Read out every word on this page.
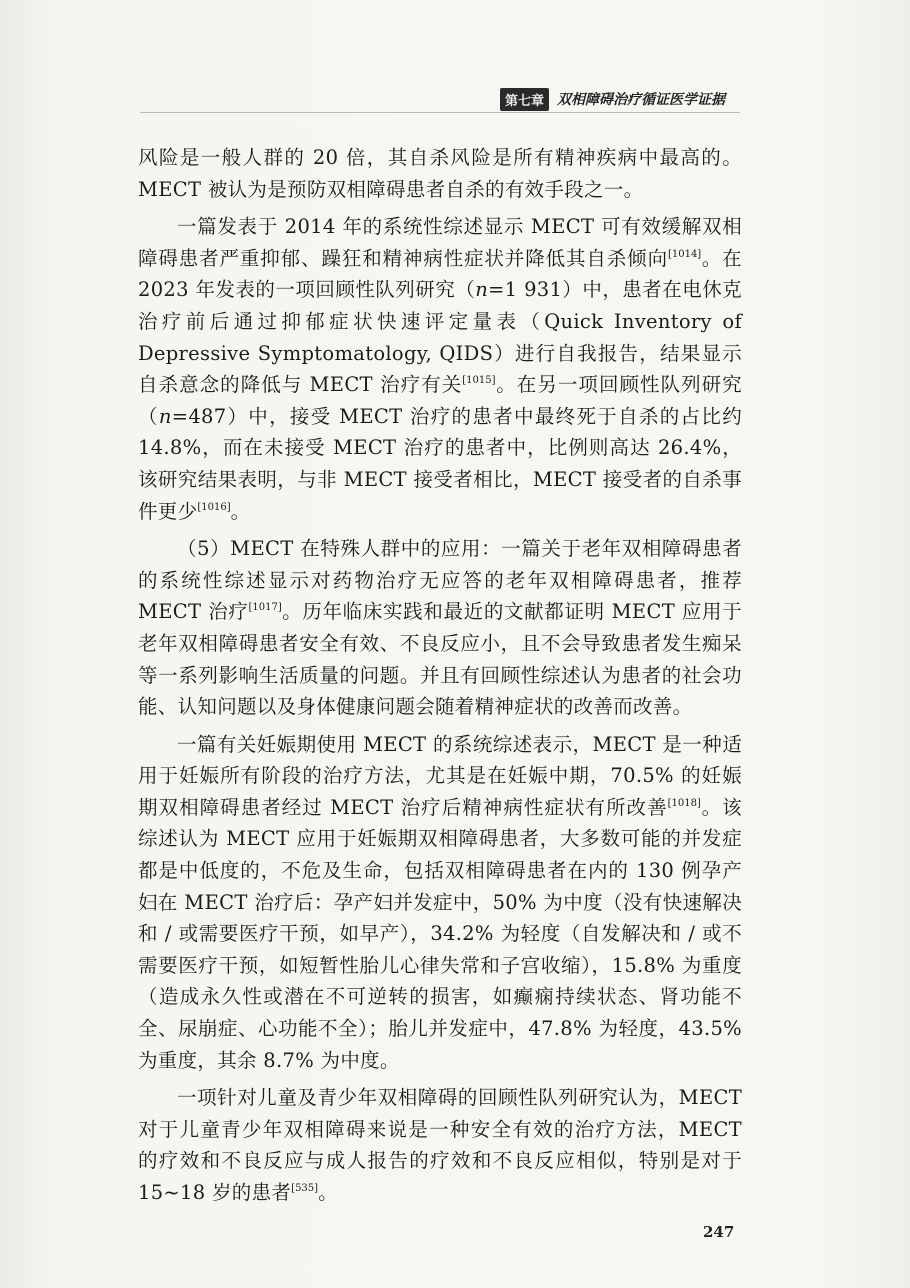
第七章 双相障碍治疗循证医学证据

风险是一般人群的 20 倍，其自杀风险是所有精神疾病中最高的。MECT 被认为是预防双相障碍患者自杀的有效手段之一。

一篇发表于 2014 年的系统性综述显示 MECT 可有效缓解双相障碍患者严重抑郁、躁狂和精神病性症状并降低其自杀倾向[1014]。在 2023 年发表的一项回顾性队列研究（n=1 931）中，患者在电休克治疗前后通过抑郁症状快速评定量表（Quick Inventory of Depressive Symptomatology, QIDS）进行自我报告，结果显示自杀意念的降低与 MECT 治疗有关[1015]。在另一项回顾性队列研究（n=487）中，接受 MECT 治疗的患者中最终死于自杀的占比约 14.8%，而在未接受 MECT 治疗的患者中，比例则高达 26.4%，该研究结果表明，与非 MECT 接受者相比，MECT 接受者的自杀事件更少[1016]。

（5）MECT 在特殊人群中的应用：一篇关于老年双相障碍患者的系统性综述显示对药物治疗无应答的老年双相障碍患者，推荐 MECT 治疗[1017]。历年临床实践和最近的文献都证明 MECT 应用于老年双相障碍患者安全有效、不良反应小，且不会导致患者发生痴呆等一系列影响生活质量的问题。并且有回顾性综述认为患者的社会功能、认知问题以及身体健康问题会随着精神症状的改善而改善。

一篇有关妊娠期使用 MECT 的系统综述表示，MECT 是一种适用于妊娠所有阶段的治疗方法，尤其是在妊娠中期，70.5% 的妊娠期双相障碍患者经过 MECT 治疗后精神病性症状有所改善[1018]。该综述认为 MECT 应用于妊娠期双相障碍患者，大多数可能的并发症都是中低度的，不危及生命，包括双相障碍患者在内的 130 例孕产妇在 MECT 治疗后：孕产妇并发症中，50% 为中度（没有快速解决和 / 或需要医疗干预，如早产），34.2% 为轻度（自发解决和 / 或不需要医疗干预，如短暂性胎儿心律失常和子宫收缩），15.8% 为重度（造成永久性或潜在不可逆转的损害，如癫痫持续状态、肾功能不全、尿崩症、心功能不全）；胎儿并发症中，47.8% 为轻度，43.5% 为重度，其余 8.7% 为中度。

一项针对儿童及青少年双相障碍的回顾性队列研究认为，MECT 对于儿童青少年双相障碍来说是一种安全有效的治疗方法，MECT 的疗效和不良反应与成人报告的疗效和不良反应相似，特别是对于 15~18 岁的患者[535]。

247
